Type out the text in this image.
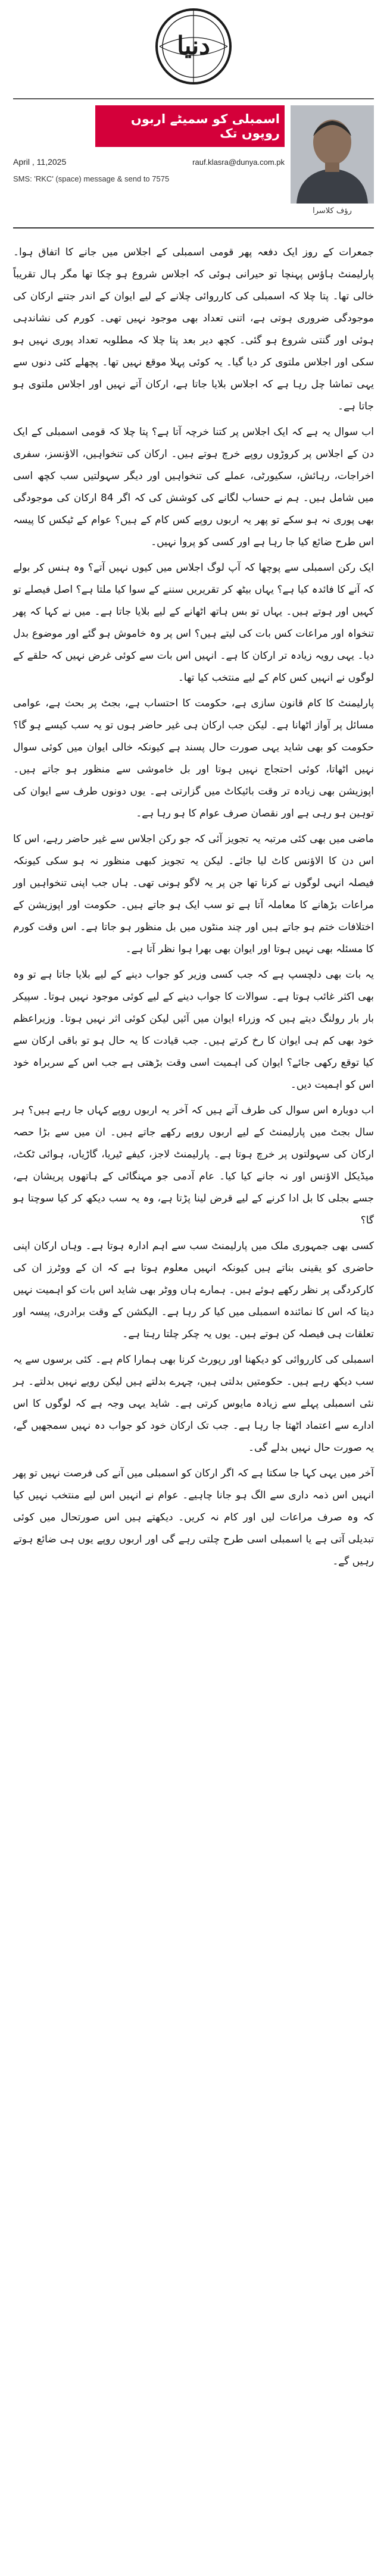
دنیا
اسمبلی کو سمیٹے اربوں روپوں تک
April , 11,2025	rauf.klasra@dunya.com.pk
SMS: 'RKC' (space) message & send to 7575
رؤف کلاسرا

جمعرات کے روز ایک دفعہ پھر قومی اسمبلی کے اجلاس میں جانے کا اتفاق ہوا۔ پارلیمنٹ ہاؤس پہنچا تو حیرانی ہوئی کہ اجلاس شروع ہو چکا تھا مگر ہال تقریباً خالی تھا۔ پتا چلا کہ اسمبلی کی کارروائی چلانے کے لیے ایوان کے اندر جتنے ارکان کی موجودگی ضروری ہوتی ہے، اتنی تعداد بھی موجود نہیں تھی۔ کورم کی نشاندہی ہوئی اور گنتی شروع ہو گئی۔ کچھ دیر بعد پتا چلا کہ مطلوبہ تعداد پوری نہیں ہو سکی اور اجلاس ملتوی کر دیا گیا۔ یہ کوئی پہلا موقع نہیں تھا۔ پچھلے کئی دنوں سے یہی تماشا چل رہا ہے کہ اجلاس بلایا جاتا ہے، ارکان آتے نہیں اور اجلاس ملتوی ہو جاتا ہے۔

اب سوال یہ ہے کہ ایک اجلاس پر کتنا خرچہ آتا ہے؟ پتا چلا کہ قومی اسمبلی کے ایک دن کے اجلاس پر کروڑوں روپے خرچ ہوتے ہیں۔ ارکان کی تنخواہیں، الاؤنسز، سفری اخراجات، رہائش، سکیورٹی، عملے کی تنخواہیں اور دیگر سہولتیں سب کچھ اسی میں شامل ہیں۔ ہم نے حساب لگانے کی کوشش کی کہ اگر 84 ارکان کی موجودگی بھی پوری نہ ہو سکے تو پھر یہ اربوں روپے کس کام کے ہیں؟ عوام کے ٹیکس کا پیسہ اس طرح ضائع کیا جا رہا ہے اور کسی کو پروا نہیں۔

ایک رکن اسمبلی سے پوچھا کہ آپ لوگ اجلاس میں کیوں نہیں آتے؟ وہ ہنس کر بولے کہ آنے کا فائدہ کیا ہے؟ یہاں بیٹھ کر تقریریں سننے کے سوا کیا ملتا ہے؟ اصل فیصلے تو کہیں اور ہوتے ہیں۔ یہاں تو بس ہاتھ اٹھانے کے لیے بلایا جاتا ہے۔ میں نے کہا کہ پھر تنخواہ اور مراعات کس بات کی لیتے ہیں؟ اس پر وہ خاموش ہو گئے اور موضوع بدل دیا۔ یہی رویہ زیادہ تر ارکان کا ہے۔ انہیں اس بات سے کوئی غرض نہیں کہ حلقے کے لوگوں نے انہیں کس کام کے لیے منتخب کیا تھا۔

پارلیمنٹ کا کام قانون سازی ہے، حکومت کا احتساب ہے، بجٹ پر بحث ہے، عوامی مسائل پر آواز اٹھانا ہے۔ لیکن جب ارکان ہی غیر حاضر ہوں تو یہ سب کیسے ہو گا؟ حکومت کو بھی شاید یہی صورت حال پسند ہے کیونکہ خالی ایوان میں کوئی سوال نہیں اٹھاتا، کوئی احتجاج نہیں ہوتا اور بل خاموشی سے منظور ہو جاتے ہیں۔ اپوزیشن بھی زیادہ تر وقت بائیکاٹ میں گزارتی ہے۔ یوں دونوں طرف سے ایوان کی توہین ہو رہی ہے اور نقصان صرف عوام کا ہو رہا ہے۔

ماضی میں بھی کئی مرتبہ یہ تجویز آئی کہ جو رکن اجلاس سے غیر حاضر رہے، اس کا اس دن کا الاؤنس کاٹ لیا جائے۔ لیکن یہ تجویز کبھی منظور نہ ہو سکی کیونکہ فیصلہ انہی لوگوں نے کرنا تھا جن پر یہ لاگو ہونی تھی۔ ہاں جب اپنی تنخواہیں اور مراعات بڑھانے کا معاملہ آتا ہے تو سب ایک ہو جاتے ہیں۔ حکومت اور اپوزیشن کے اختلافات ختم ہو جاتے ہیں اور چند منٹوں میں بل منظور ہو جاتا ہے۔ اس وقت کورم کا مسئلہ بھی نہیں ہوتا اور ایوان بھی بھرا ہوا نظر آتا ہے۔

یہ بات بھی دلچسپ ہے کہ جب کسی وزیر کو جواب دینے کے لیے بلایا جاتا ہے تو وہ بھی اکثر غائب ہوتا ہے۔ سوالات کا جواب دینے کے لیے کوئی موجود نہیں ہوتا۔ سپیکر بار بار رولنگ دیتے ہیں کہ وزراء ایوان میں آئیں لیکن کوئی اثر نہیں ہوتا۔ وزیراعظم خود بھی کم ہی ایوان کا رخ کرتے ہیں۔ جب قیادت کا یہ حال ہو تو باقی ارکان سے کیا توقع رکھی جائے؟ ایوان کی اہمیت اسی وقت بڑھتی ہے جب اس کے سربراہ خود اس کو اہمیت دیں۔

اب دوبارہ اس سوال کی طرف آتے ہیں کہ آخر یہ اربوں روپے کہاں جا رہے ہیں؟ ہر سال بجٹ میں پارلیمنٹ کے لیے اربوں روپے رکھے جاتے ہیں۔ ان میں سے بڑا حصہ ارکان کی سہولتوں پر خرچ ہوتا ہے۔ پارلیمنٹ لاجز، کیفے ٹیریا، گاڑیاں، ہوائی ٹکٹ، میڈیکل الاؤنس اور نہ جانے کیا کیا۔ عام آدمی جو مہنگائی کے ہاتھوں پریشان ہے، جسے بجلی کا بل ادا کرنے کے لیے قرض لینا پڑتا ہے، وہ یہ سب دیکھ کر کیا سوچتا ہو گا؟

کسی بھی جمہوری ملک میں پارلیمنٹ سب سے اہم ادارہ ہوتا ہے۔ وہاں ارکان اپنی حاضری کو یقینی بناتے ہیں کیونکہ انہیں معلوم ہوتا ہے کہ ان کے ووٹرز ان کی کارکردگی پر نظر رکھے ہوئے ہیں۔ ہمارے ہاں ووٹر بھی شاید اس بات کو اہمیت نہیں دیتا کہ اس کا نمائندہ اسمبلی میں کیا کر رہا ہے۔ الیکشن کے وقت برادری، پیسہ اور تعلقات ہی فیصلہ کن ہوتے ہیں۔ یوں یہ چکر چلتا رہتا ہے۔

اسمبلی کی کارروائی کو دیکھنا اور رپورٹ کرنا بھی ہمارا کام ہے۔ کئی برسوں سے یہ سب دیکھ رہے ہیں۔ حکومتیں بدلتی ہیں، چہرے بدلتے ہیں لیکن رویے نہیں بدلتے۔ ہر نئی اسمبلی پہلے سے زیادہ مایوس کرتی ہے۔ شاید یہی وجہ ہے کہ لوگوں کا اس ادارے سے اعتماد اٹھتا جا رہا ہے۔ جب تک ارکان خود کو جواب دہ نہیں سمجھیں گے، یہ صورت حال نہیں بدلے گی۔

آخر میں یہی کہا جا سکتا ہے کہ اگر ارکان کو اسمبلی میں آنے کی فرصت نہیں تو پھر انہیں اس ذمہ داری سے الگ ہو جانا چاہیے۔ عوام نے انہیں اس لیے منتخب نہیں کیا کہ وہ صرف مراعات لیں اور کام نہ کریں۔ دیکھتے ہیں اس صورتحال میں کوئی تبدیلی آتی ہے یا اسمبلی اسی طرح چلتی رہے گی اور اربوں روپے یوں ہی ضائع ہوتے رہیں گے۔
